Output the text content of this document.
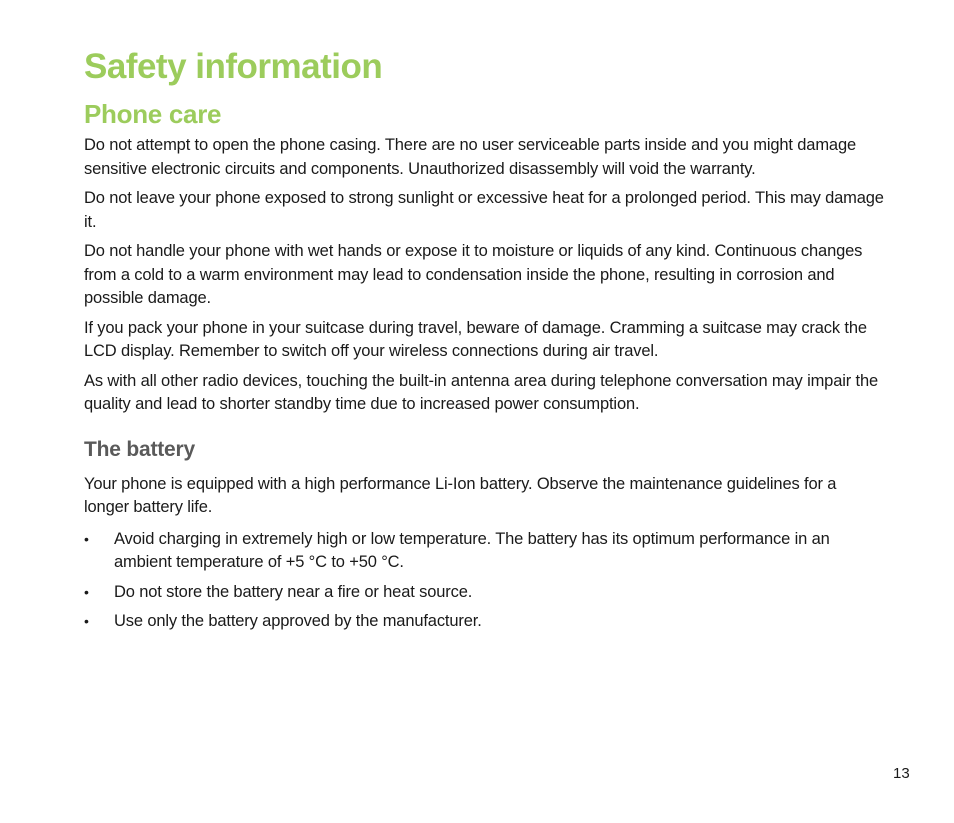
Safety information
Phone care

Do not attempt to open the phone casing. There are no user serviceable parts inside and you might damage sensitive electronic circuits and components. Unauthorized disassembly will void the warranty.

Do not leave your phone exposed to strong sunlight or excessive heat for a prolonged period. This may damage it.

Do not handle your phone with wet hands or expose it to moisture or liquids of any kind. Continuous changes from a cold to a warm environment may lead to condensation inside the phone, resulting in corrosion and possible damage.

If you pack your phone in your suitcase during travel, beware of damage. Cramming a suitcase may crack the LCD display. Remember to switch off your wireless connections during air travel.

As with all other radio devices, touching the built-in antenna area during telephone conversation may impair the quality and lead to shorter standby time due to increased power consumption.

The battery

Your phone is equipped with a high performance Li-Ion battery. Observe the maintenance guidelines for a longer battery life.

•	Avoid charging in extremely high or low temperature. The battery has its optimum performance in an ambient temperature of +5 °C to +50 °C.
•	Do not store the battery near a fire or heat source.
•	Use only the battery approved by the manufacturer.
13
